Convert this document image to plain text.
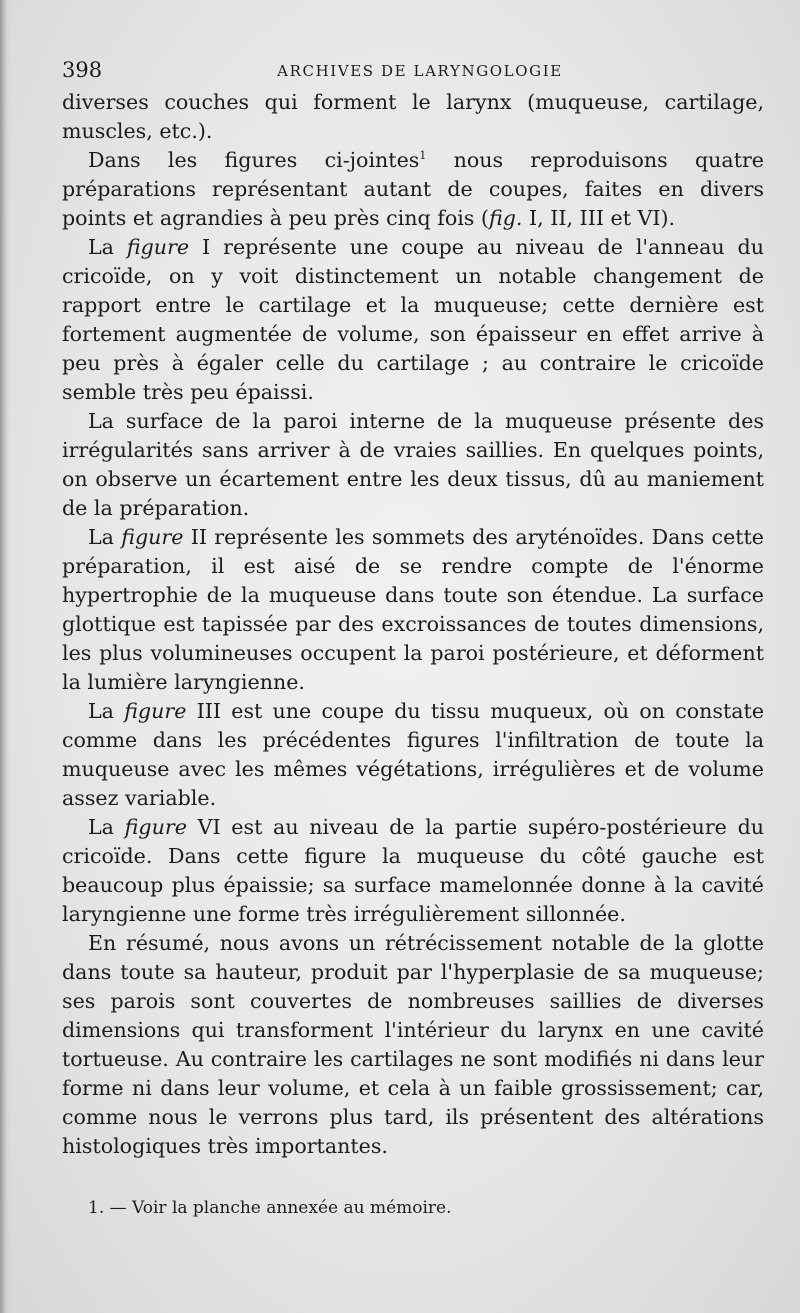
398	ARCHIVES DE LARYNGOLOGIE

diverses couches qui forment le larynx (muqueuse, cartilage, muscles, etc.).

Dans les figures ci-jointes$^1$ nous reproduisons quatre préparations représentant autant de coupes, faites en divers points et agrandies à peu près cinq fois (fig. I, II, III et VI).

La figure I représente une coupe au niveau de l'anneau du cricoïde, on y voit distinctement un notable changement de rapport entre le cartilage et la muqueuse; cette dernière est fortement augmentée de volume, son épaisseur en effet arrive à peu près à égaler celle du cartilage ; au contraire le cricoïde semble très peu épaissi.

La surface de la paroi interne de la muqueuse présente des irrégularités sans arriver à de vraies saillies. En quelques points, on observe un écartement entre les deux tissus, dû au maniement de la préparation.

La figure II représente les sommets des aryténoïdes. Dans cette préparation, il est aisé de se rendre compte de l'énorme hypertrophie de la muqueuse dans toute son étendue. La surface glottique est tapissée par des excroissances de toutes dimensions, les plus volumineuses occupent la paroi postérieure, et déforment la lumière laryngienne.

La figure III est une coupe du tissu muqueux, où on constate comme dans les précédentes figures l'infiltration de toute la muqueuse avec les mêmes végétations, irrégulières et de volume assez variable.

La figure VI est au niveau de la partie supéro-postérieure du cricoïde. Dans cette figure la muqueuse du côté gauche est beaucoup plus épaissie; sa surface mamelonnée donne à la cavité laryngienne une forme très irrégulièrement sillonnée.

En résumé, nous avons un rétrécissement notable de la glotte dans toute sa hauteur, produit par l'hyperplasie de sa muqueuse; ses parois sont couvertes de nombreuses saillies de diverses dimensions qui transforment l'intérieur du larynx en une cavité tortueuse. Au contraire les cartilages ne sont modifiés ni dans leur forme ni dans leur volume, et cela à un faible grossissement; car, comme nous le verrons plus tard, ils présentent des altérations histologiques très importantes.

1. — Voir la planche annexée au mémoire.
